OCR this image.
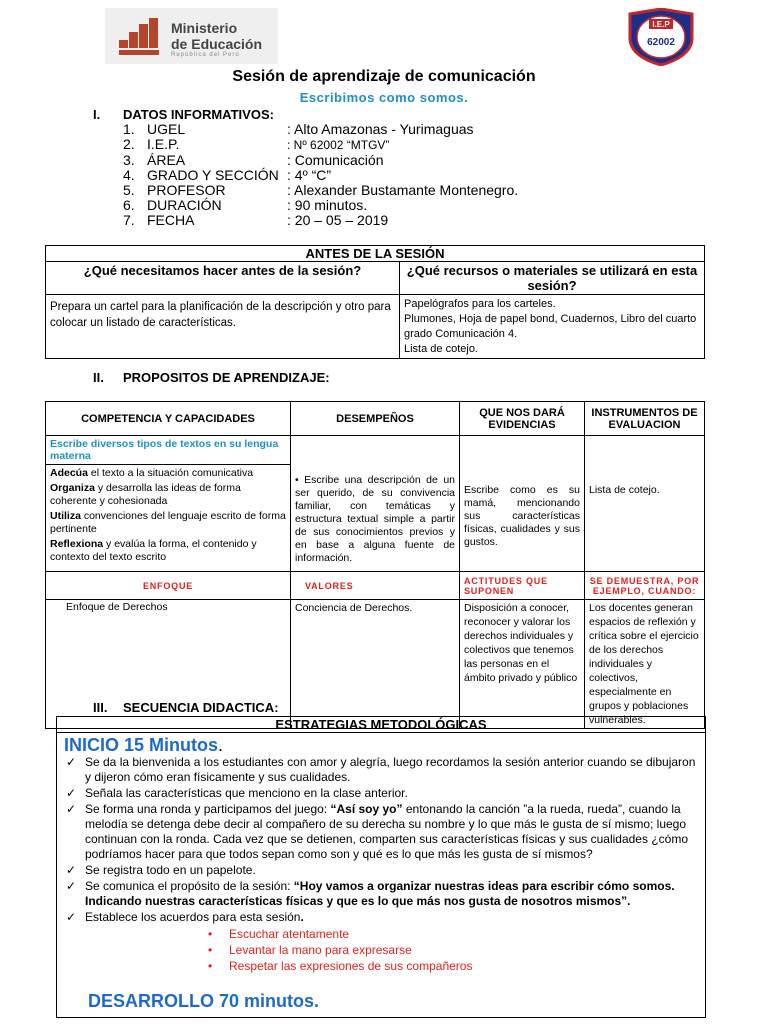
Ministerio
de Educación
República del Perú
I.E.P
62002
Sesión de aprendizaje de comunicación
Escribimos como somos.
I. DATOS INFORMATIVOS:
1. UGEL	: Alto Amazonas - Yurimaguas
2. I.E.P.	: Nº 62002 “MTGV”
3. ÁREA	: Comunicación
4. GRADO Y SECCIÓN : 4º “C”
5. PROFESOR	: Alexander Bustamante Montenegro.
6. DURACIÓN	: 90 minutos.
7. FECHA	: 20 – 05 – 2019
ANTES DE LA SESIÓN	
¿Qué necesitamos hacer antes de la sesión?	¿Qué recursos o materiales se utilizará en esta sesión?
Prepara un cartel para la planificación de la descripción y otro para colocar un listado de características.	Papelógrafos para los carteles.
Plumones, Hoja de papel bond, Cuadernos, Libro del cuarto grado Comunicación 4.
Lista de cotejo.
II. PROPOSITOS DE APRENDIZAJE:
COMPETENCIA Y CAPACIDADES	DESEMPEÑOS	QUE NOS DARÁ EVIDENCIAS	INSTRUMENTOS DE EVALUACION

Escribe diversos tipos de textos en su lengua materna
Adecúa el texto a la situación comunicativa
Organiza y desarrolla las ideas de forma coherente y cohesionada
Utiliza convenciones del lenguaje escrito de forma pertinente
Reflexiona y evalúa la forma, el contenido y contexto del texto escrito	• Escribe una descripción de un ser querido, de su convivencia familiar, con temáticas y estructura textual simple a partir de sus conocimientos previos y en base a alguna fuente de información.	Escribe como es su mamá, mencionando sus características físicas, cualidades y sus gustos.	Lista de cotejo.
ENFOQUE	VALORES	ACTITUDES QUE SUPONEN	SE DEMUESTRA, POR EJEMPLO, CUANDO:
Enfoque de Derechos	Conciencia de Derechos.	Disposición a conocer, reconocer y valorar los derechos individuales y colectivos que tenemos las personas en el ámbito privado y público	Los docentes generan espacios de reflexión y crítica sobre el ejercicio de los derechos individuales y colectivos, especialmente en grupos y poblaciones vulnerables.
III. SECUENCIA DIDACTICA:
ESTRATEGIAS METODOLÓGICAS

INICIO 15 Minutos.
✓ Se da la bienvenida a los estudiantes con amor y alegría, luego recordamos la sesión anterior cuando se dibujaron y dijeron cómo eran físicamente y sus cualidades.
✓ Señala las características que menciono en la clase anterior.
✓ Se forma una ronda y participamos del juego: “Así soy yo” entonando la canción ”a la rueda, rueda”, cuando la melodía se detenga debe decir al compañero de su derecha su nombre y lo que más le gusta de sí mismo; luego continuan con la ronda. Cada vez que se detienen, comparten sus características físicas y sus cualidades ¿cómo podríamos hacer para que todos sepan como son y qué es lo que más les gusta de sí mismos?
✓ Se registra todo en un papelote.
✓ Se comunica el propósito de la sesión: “Hoy vamos a organizar nuestras ideas para escribir cómo somos. Indicando nuestras características físicas y que es lo que más nos gusta de nosotros mismos”.
✓ Establece los acuerdos para esta sesión.
• Escuchar atentamente
• Levantar la mano para expresarse
• Respetar las expresiones de sus compañeros
DESARROLLO 70 minutos.
